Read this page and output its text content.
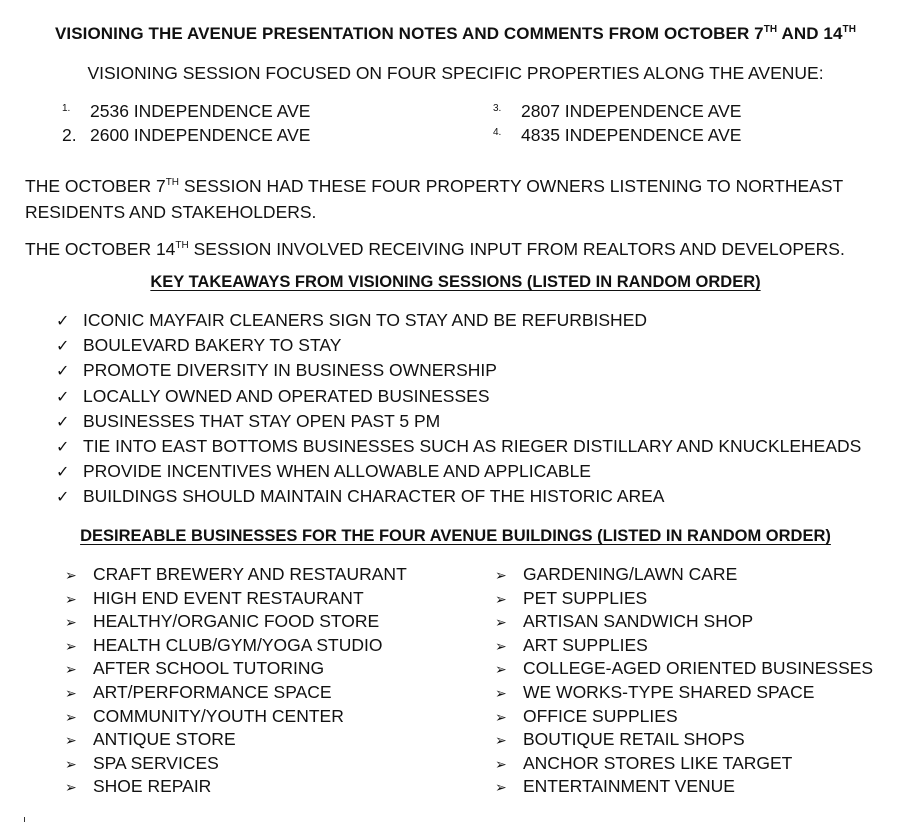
VISIONING THE AVENUE PRESENTATION NOTES AND COMMENTS FROM OCTOBER 7TH AND 14TH
VISIONING SESSION FOCUSED ON FOUR SPECIFIC PROPERTIES ALONG THE AVENUE:
1. 2536 INDEPENDENCE AVE
2. 2600 INDEPENDENCE AVE
3. 2807 INDEPENDENCE AVE
4. 4835 INDEPENDENCE AVE
THE OCTOBER 7TH SESSION HAD THESE FOUR PROPERTY OWNERS LISTENING TO NORTHEAST RESIDENTS AND STAKEHOLDERS.
THE OCTOBER 14TH SESSION INVOLVED RECEIVING INPUT FROM REALTORS AND DEVELOPERS.
KEY TAKEAWAYS FROM VISIONING SESSIONS (LISTED IN RANDOM ORDER)
✓ ICONIC MAYFAIR CLEANERS SIGN TO STAY AND BE REFURBISHED
✓ BOULEVARD BAKERY TO STAY
✓ PROMOTE DIVERSITY IN BUSINESS OWNERSHIP
✓ LOCALLY OWNED AND OPERATED BUSINESSES
✓ BUSINESSES THAT STAY OPEN PAST 5 PM
✓ TIE INTO EAST BOTTOMS BUSINESSES SUCH AS RIEGER DISTILLARY AND KNUCKLEHEADS
✓ PROVIDE INCENTIVES WHEN ALLOWABLE AND APPLICABLE
✓ BUILDINGS SHOULD MAINTAIN CHARACTER OF THE HISTORIC AREA
DESIREABLE BUSINESSES FOR THE FOUR AVENUE BUILDINGS (LISTED IN RANDOM ORDER)
➢ CRAFT BREWERY AND RESTAURANT
➢ HIGH END EVENT RESTAURANT
➢ HEALTHY/ORGANIC FOOD STORE
➢ HEALTH CLUB/GYM/YOGA STUDIO
➢ AFTER SCHOOL TUTORING
➢ ART/PERFORMANCE SPACE
➢ COMMUNITY/YOUTH CENTER
➢ ANTIQUE STORE
➢ SPA SERVICES
➢ SHOE REPAIR
➢ GARDENING/LAWN CARE
➢ PET SUPPLIES
➢ ARTISAN SANDWICH SHOP
➢ ART SUPPLIES
➢ COLLEGE-AGED ORIENTED BUSINESSES
➢ WE WORKS-TYPE SHARED SPACE
➢ OFFICE SUPPLIES
➢ BOUTIQUE RETAIL SHOPS
➢ ANCHOR STORES LIKE TARGET
➢ ENTERTAINMENT VENUE
